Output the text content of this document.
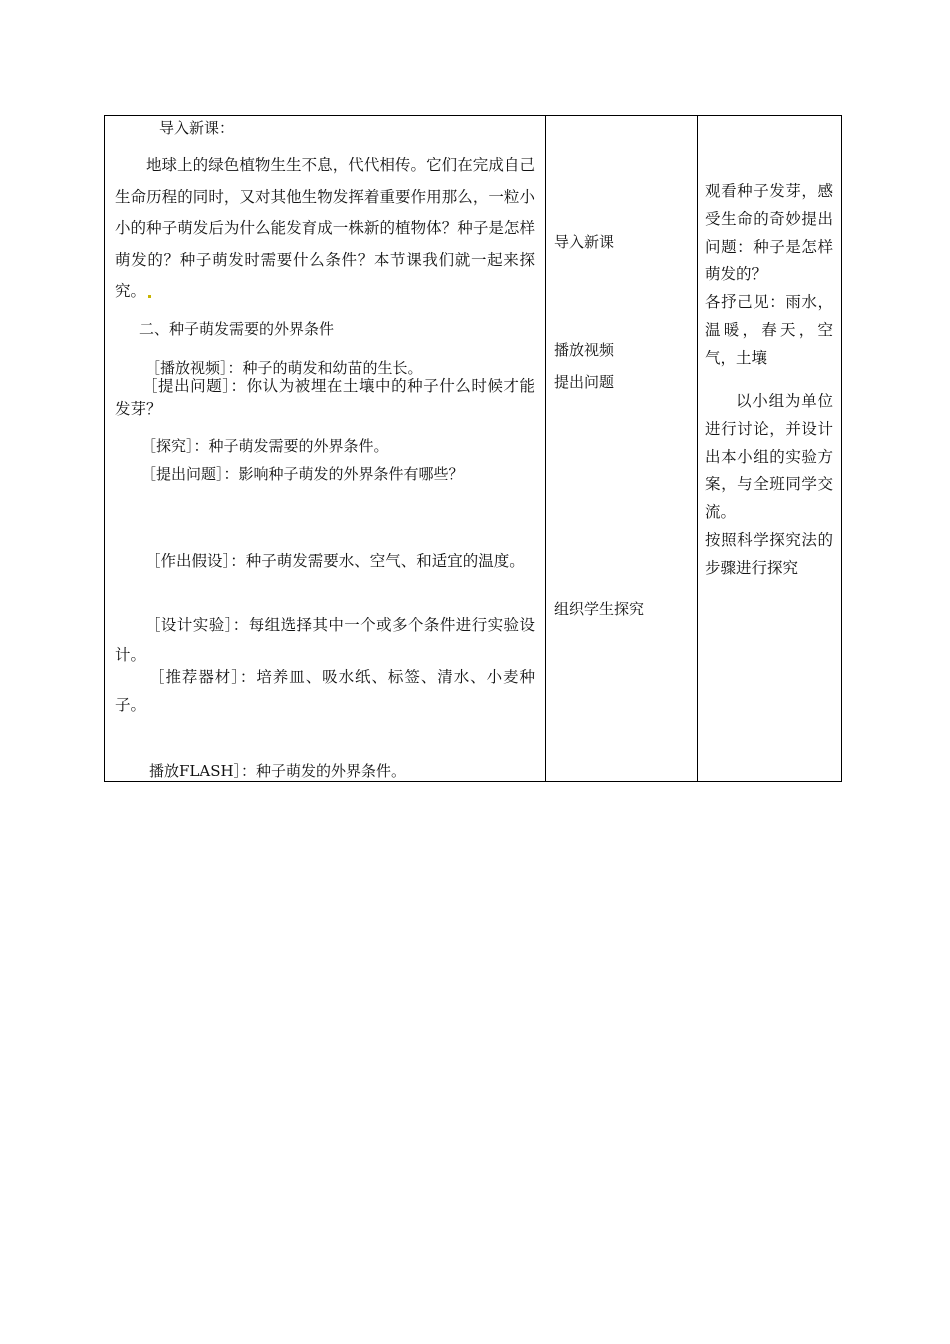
导入新课：
地球上的绿色植物生生不息，代代相传。它们在完成自己生命历程的同时，又对其他生物发挥着重要作用那么，一粒小小的种子萌发后为什么能发育成一株新的植物体？种子是怎样萌发的？种子萌发时需要什么条件？本节课我们就一起来探究。
二、种子萌发需要的外界条件
［播放视频］：种子的萌发和幼苗的生长。
［提出问题］：你认为被埋在土壤中的种子什么时候才能发芽？
［探究］：种子萌发需要的外界条件。
［提出问题］：影响种子萌发的外界条件有哪些？
［作出假设］：种子萌发需要水、空气、和适宜的温度。
［设计实验］：每组选择其中一个或多个条件进行实验设计。
［推荐器材］：培养皿、吸水纸、标签、清水、小麦种子。
播放FLASH］：种子萌发的外界条件。
导入新课
播放视频
提出问题
组织学生探究
观看种子发芽，感受生命的奇妙提出问题：种子是怎样萌发的？
各抒己见：雨水，温暖，春天，空气，土壤
以小组为单位进行讨论，并设计出本小组的实验方案，与全班同学交流。
按照科学探究法的步骤进行探究
